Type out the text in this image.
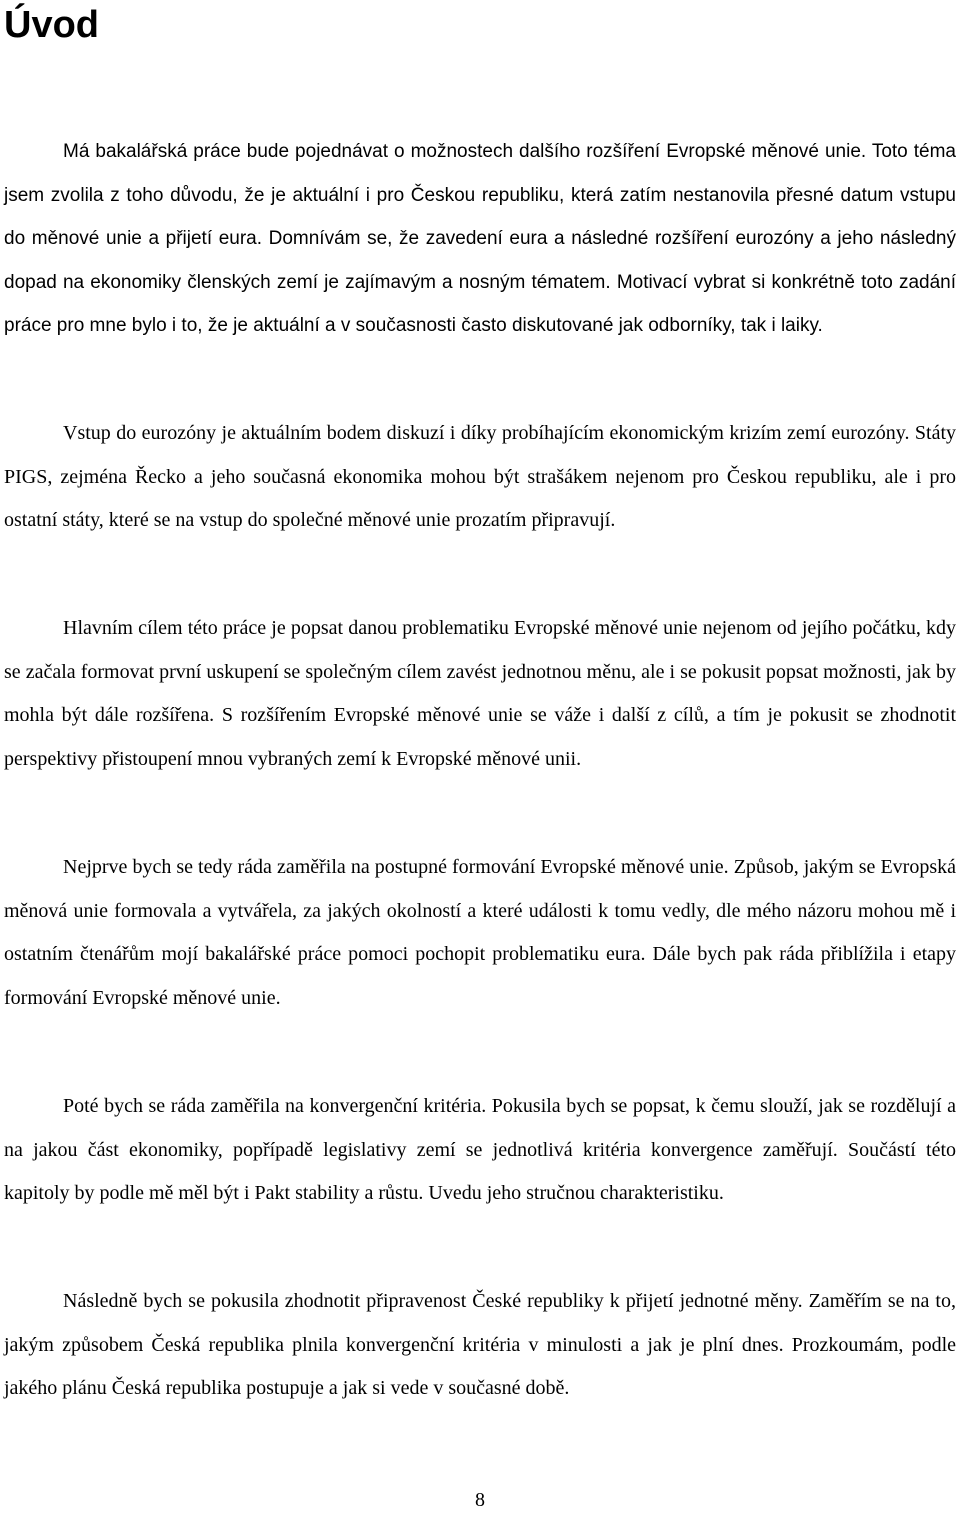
Úvod

Má bakalářská práce bude pojednávat o možnostech dalšího rozšíření Evropské měnové unie. Toto téma jsem zvolila z toho důvodu, že je aktuální i pro Českou republiku, která zatím nestanovila přesné datum vstupu do měnové unie a přijetí eura. Domnívám se, že zavedení eura a následné rozšíření eurozóny a jeho následný dopad na ekonomiky členských zemí je zajímavým a nosným tématem. Motivací vybrat si konkrétně toto zadání práce pro mne bylo i to, že je aktuální a v současnosti často diskutované jak odborníky, tak i laiky.

Vstup do eurozóny je aktuálním bodem diskuzí i díky probíhajícím ekonomickým krizím zemí eurozóny. Státy PIGS, zejména Řecko a jeho současná ekonomika mohou být strašákem nejenom pro Českou republiku, ale i pro ostatní státy, které se na vstup do společné měnové unie prozatím připravují.

Hlavním cílem této práce je popsat danou problematiku Evropské měnové unie nejenom od jejího počátku, kdy se začala formovat první uskupení se společným cílem zavést jednotnou měnu, ale i se pokusit popsat možnosti, jak by mohla být dále rozšířena. S rozšířením Evropské měnové unie se váže i další z cílů, a tím je pokusit se zhodnotit perspektivy přistoupení mnou vybraných zemí k Evropské měnové unii.

Nejprve bych se tedy ráda zaměřila na postupné formování Evropské měnové unie. Způsob, jakým se Evropská měnová unie formovala a vytvářela, za jakých okolností a které události k tomu vedly, dle mého názoru mohou mě i ostatním čtenářům mojí bakalářské práce pomoci pochopit problematiku eura. Dále bych pak ráda přiblížila i etapy formování Evropské měnové unie.

Poté bych se ráda zaměřila na konvergenční kritéria. Pokusila bych se popsat, k čemu slouží, jak se rozdělují a na jakou část ekonomiky, popřípadě legislativy zemí se jednotlivá kritéria konvergence zaměřují. Součástí této kapitoly by podle mě měl být i Pakt stability a růstu. Uvedu jeho stručnou charakteristiku.

Následně bych se pokusila zhodnotit připravenost České republiky k přijetí jednotné měny. Zaměřím se na to, jakým způsobem Česká republika plnila konvergenční kritéria v minulosti a jak je plní dnes. Prozkoumám, podle jakého plánu Česká republika postupuje a jak si vede v současné době.

8
